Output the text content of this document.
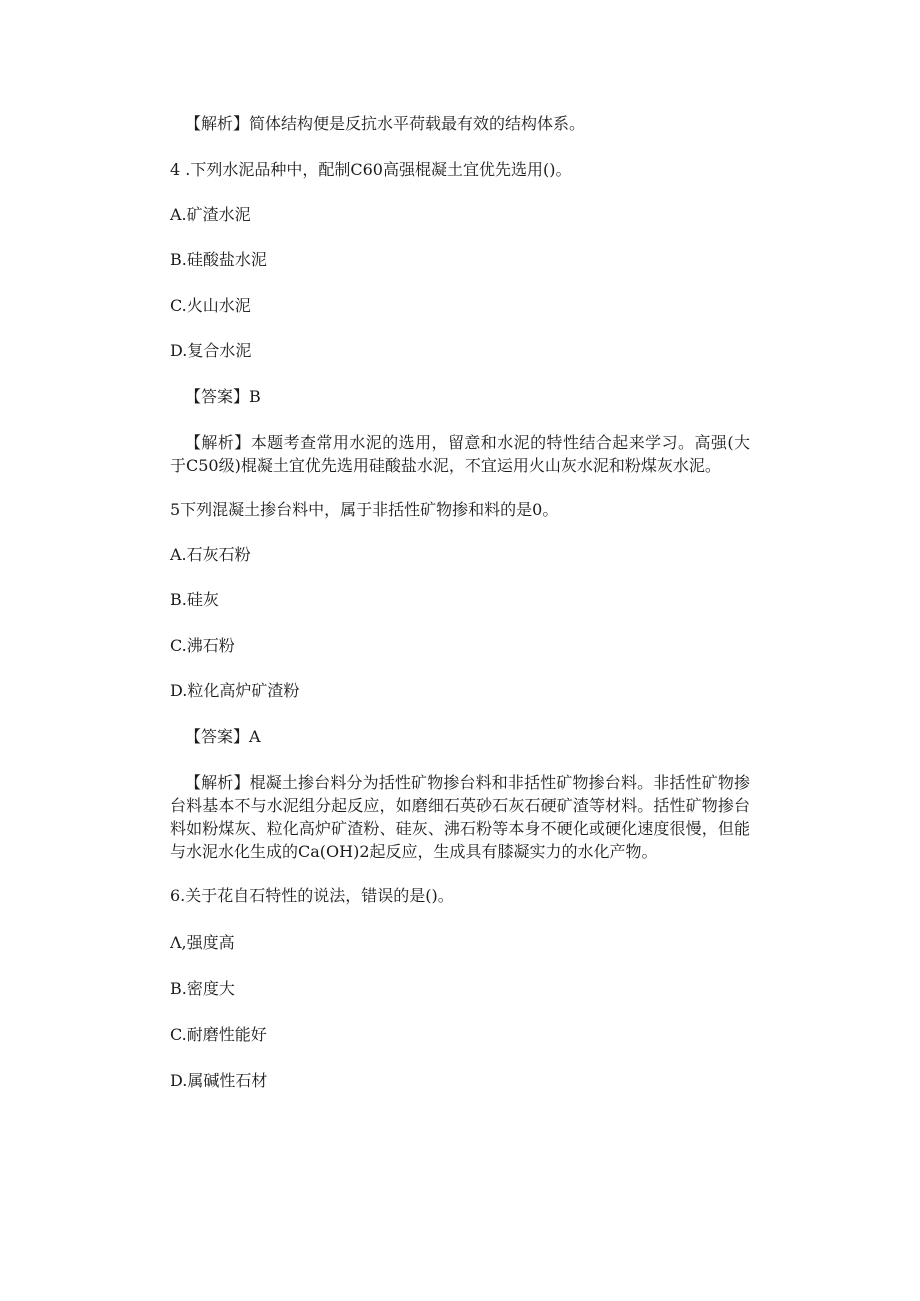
【解析】简体结构便是反抗水平荷载最有效的结构体系。
4 .下列水泥品种中，配制C60高强棍凝土宜优先选用()。
A.矿渣水泥
B.硅酸盐水泥
C.火山水泥
D.复合水泥
【答案】B
【解析】本题考查常用水泥的选用，留意和水泥的特性结合起来学习。高强(大于C50级)棍凝土宜优先选用硅酸盐水泥，不宜运用火山灰水泥和粉煤灰水泥。
5下列混凝土掺台料中，属于非括性矿物掺和料的是0。
A.石灰石粉
B.硅灰
C.沸石粉
D.粒化高炉矿渣粉
【答案】A
【解析】棍凝土掺台料分为括性矿物掺台料和非括性矿物掺台料。非括性矿物掺台料基本不与水泥组分起反应，如磨细石英砂石灰石硬矿渣等材料。括性矿物掺台料如粉煤灰、粒化高炉矿渣粉、硅灰、沸石粉等本身不硬化或硬化速度很慢，但能与水泥水化生成的Ca(OH)2起反应，生成具有膝凝实力的水化产物。
6.关于花自石特性的说法，错误的是()。
Λ,强度高
B.密度大
C.耐磨性能好
D.属碱性石材
